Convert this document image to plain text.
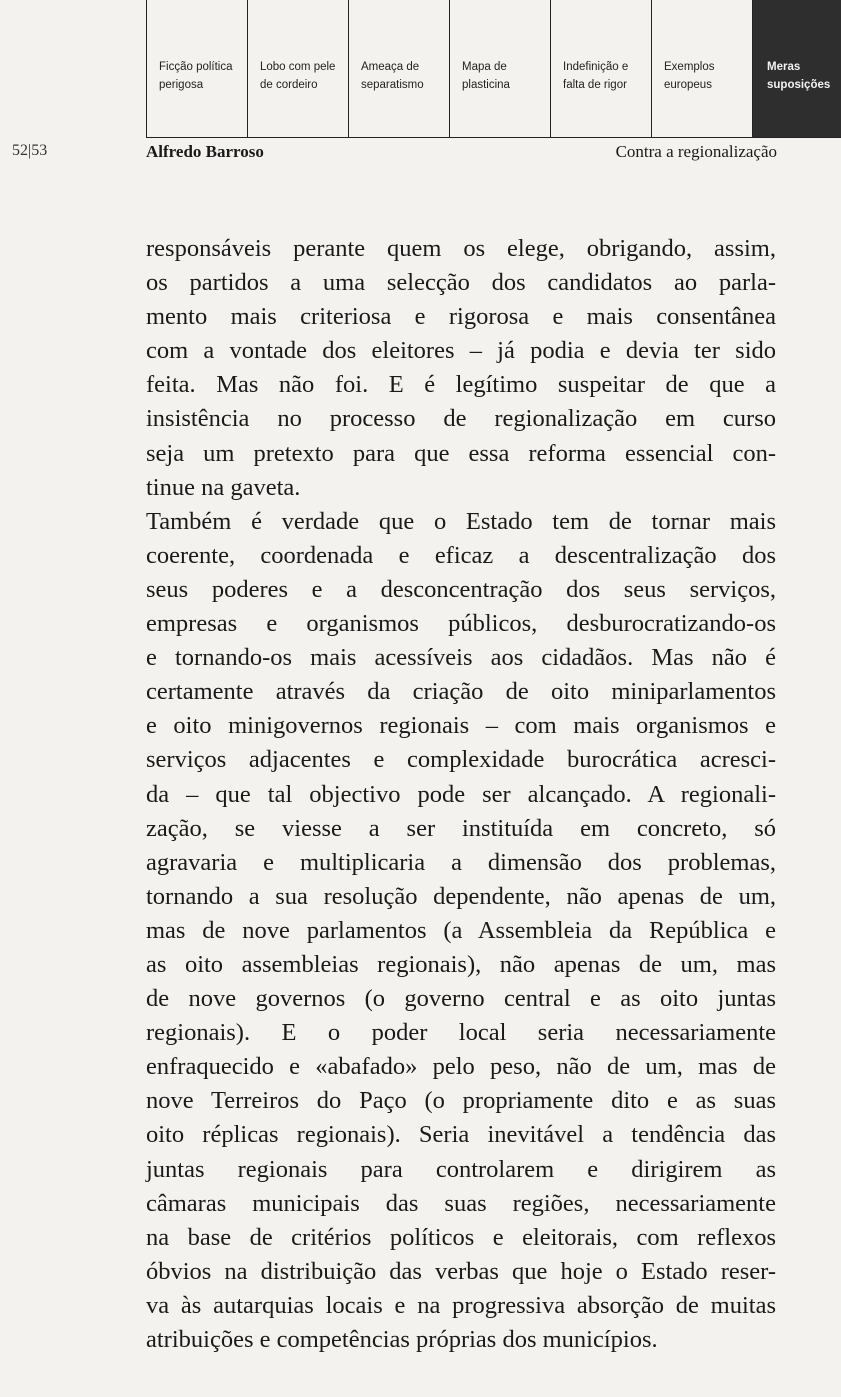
Ficção política
perigosa
Lobo com pele
de cordeiro
Ameaça de
separatismo
Mapa de
plasticina
Indefinição e
falta de rigor
Exemplos
europeus
Meras
suposições
52|53	Alfredo Barroso	Contra a regionalização

responsáveis perante quem os elege, obrigando, assim,
os partidos a uma selecção dos candidatos ao parla-
mento mais criteriosa e rigorosa e mais consentânea
com a vontade dos eleitores – já podia e devia ter sido
feita. Mas não foi. E é legítimo suspeitar de que a
insistência no processo de regionalização em curso
seja um pretexto para que essa reforma essencial con-
tinue na gaveta.

Também é verdade que o Estado tem de tornar mais
coerente, coordenada e eficaz a descentralização dos
seus poderes e a desconcentração dos seus serviços,
empresas e organismos públicos, desburocratizando-os
e tornando-os mais acessíveis aos cidadãos. Mas não é
certamente através da criação de oito miniparlamentos
e oito minigovernos regionais – com mais organismos e
serviços adjacentes e complexidade burocrática acresci-
da – que tal objectivo pode ser alcançado. A regionali-
zação, se viesse a ser instituída em concreto, só
agravaria e multiplicaria a dimensão dos problemas,
tornando a sua resolução dependente, não apenas de um,
mas de nove parlamentos (a Assembleia da República e
as oito assembleias regionais), não apenas de um, mas
de nove governos (o governo central e as oito juntas
regionais). E o poder local seria necessariamente
enfraquecido e «abafado» pelo peso, não de um, mas de
nove Terreiros do Paço (o propriamente dito e as suas
oito réplicas regionais). Seria inevitável a tendência das
juntas regionais para controlarem e dirigirem as
câmaras municipais das suas regiões, necessariamente
na base de critérios políticos e eleitorais, com reflexos
óbvios na distribuição das verbas que hoje o Estado reser-
va às autarquias locais e na progressiva absorção de muitas
atribuições e competências próprias dos municípios.
